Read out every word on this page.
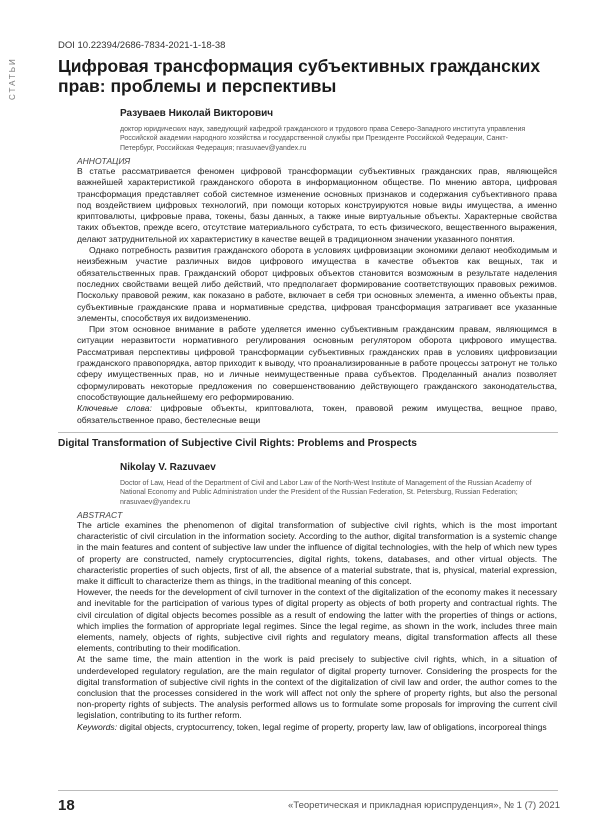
СТАТЬИ
DOI 10.22394/2686-7834-2021-1-18-38
Цифровая трансформация субъективных гражданских прав: проблемы и перспективы
Разуваев Николай Викторович
доктор юридических наук, заведующий кафедрой гражданского и трудового права Северо-Западного института управления Российской академии народного хозяйства и государственной службы при Президенте Российской Федерации, Санкт-Петербург, Российская Федерация; nrasuvaev@yandex.ru
АННОТАЦИЯ

В статье рассматривается феномен цифровой трансформации субъективных гражданских прав, являющейся важнейшей характеристикой гражданского оборота в информационном обществе. По мнению автора, цифровая трансформация представляет собой системное изменение основных признаков и содержания субъективного права под воздействием цифровых технологий, при помощи которых конструируются новые виды имущества, а именно криптовалюты, цифровые права, токены, базы данных, а также иные виртуальные объекты. Характерные свойства таких объектов, прежде всего, отсутствие материального субстрата, то есть физического, вещественного выражения, делают затруднительной их характеристику в качестве вещей в традиционном значении указанного понятия.

Однако потребность развития гражданского оборота в условиях цифровизации экономики делают необходимым и неизбежным участие различных видов цифрового имущества в качестве объектов как вещных, так и обязательственных прав. Гражданский оборот цифровых объектов становится возможным в результате наделения последних свойствами вещей либо действий, что предполагает формирование соответствующих правовых режимов. Поскольку правовой режим, как показано в работе, включает в себя три основных элемента, а именно объекты прав, субъективные гражданские права и нормативные средства, цифровая трансформация затрагивает все указанные элементы, способствуя их видоизменению.

При этом основное внимание в работе уделяется именно субъективным гражданским правам, являющимся в ситуации неразвитости нормативного регулирования основным регулятором оборота цифрового имущества. Рассматривая перспективы цифровой трансформации субъективных гражданских прав в условиях цифровизации гражданского правопорядка, автор приходит к выводу, что проанализированные в работе процессы затронут не только сферу имущественных прав, но и личные неимущественные права субъектов. Проделанный анализ позволяет сформулировать некоторые предложения по совершенствованию действующего гражданского законодательства, способствующие дальнейшему его реформированию.

Ключевые слова: цифровые объекты, криптовалюта, токен, правовой режим имущества, вещное право, обязательственное право, бестелесные вещи

Digital Transformation of Subjective Civil Rights: Problems and Prospects
Nikolay V. Razuvaev
Doctor of Law, Head of the Department of Civil and Labor Law of the North-West Institute of Management of the Russian Academy of National Economy and Public Administration under the President of the Russian Federation, St. Petersburg, Russian Federation; nrasuvaev@yandex.ru
ABSTRACT

The article examines the phenomenon of digital transformation of subjective civil rights, which is the most important characteristic of civil circulation in the information society. According to the author, digital transformation is a systemic change in the main features and content of subjective law under the influence of digital technologies, with the help of which new types of property are constructed, namely cryptocurrencies, digital rights, tokens, databases, and other virtual objects. The characteristic properties of such objects, first of all, the absence of a material substrate, that is, physical, material expression, make it difficult to characterize them as things, in the traditional meaning of this concept.

However, the needs for the development of civil turnover in the context of the digitalization of the economy makes it necessary and inevitable for the participation of various types of digital property as objects of both property and contractual rights. The civil circulation of digital objects becomes possible as a result of endowing the latter with the properties of things or actions, which implies the formation of appropriate legal regimes. Since the legal regime, as shown in the work, includes three main elements, namely, objects of rights, subjective civil rights and regulatory means, digital transformation affects all these elements, contributing to their modification.

At the same time, the main attention in the work is paid precisely to subjective civil rights, which, in a situation of underdeveloped regulatory regulation, are the main regulator of digital property turnover. Considering the prospects for the digital transformation of subjective civil rights in the context of the digitalization of civil law and order, the author comes to the conclusion that the processes considered in the work will affect not only the sphere of property rights, but also the personal non-property rights of subjects. The analysis performed allows us to formulate some proposals for improving the current civil legislation, contributing to its further reform.

Keywords: digital objects, cryptocurrency, token, legal regime of property, property law, law of obligations, incorporeal things

18	«Теоретическая и прикладная юриспруденция», № 1 (7) 2021
